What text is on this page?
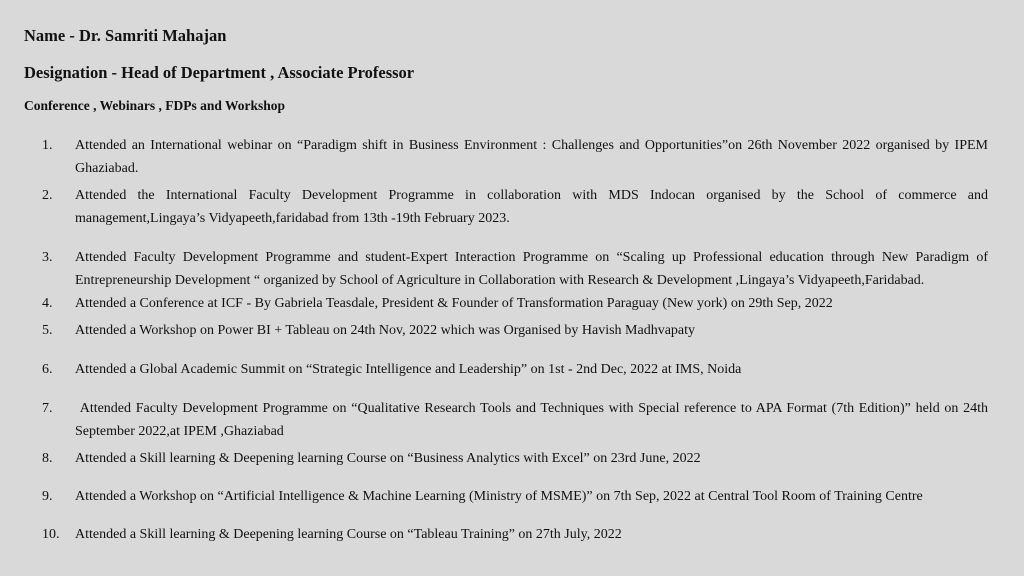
Name - Dr. Samriti Mahajan
Designation - Head of Department , Associate Professor
Conference , Webinars , FDPs and Workshop
1.	Attended an International webinar on “Paradigm shift in Business Environment : Challenges and Opportunities”on 26th November 2022 organised by IPEM Ghaziabad.
2.	Attended the International Faculty Development Programme in collaboration with MDS Indocan organised by the School of commerce and management,Lingaya’s Vidyapeeth,faridabad from 13th -19th February 2023.
3.	Attended Faculty Development Programme and student-Expert Interaction Programme on “Scaling up Professional education through New Paradigm of Entrepreneurship Development “ organized by School of Agriculture in Collaboration with Research & Development ,Lingaya’s Vidyapeeth,Faridabad.
4.	Attended a Conference at ICF - By Gabriela Teasdale, President & Founder of Transformation Paraguay (New york) on 29th Sep, 2022
5.	Attended a Workshop on Power BI + Tableau on 24th Nov, 2022 which was Organised by Havish Madhvapaty
6.	Attended a Global Academic Summit on “Strategic Intelligence and Leadership” on 1st - 2nd Dec, 2022 at IMS, Noida
7.	Attended Faculty Development Programme on “Qualitative Research Tools and Techniques with Special reference to APA Format (7th Edition)” held on 24th September 2022,at IPEM ,Ghaziabad
8.	Attended a Skill learning & Deepening learning Course on “Business Analytics with Excel” on 23rd June, 2022
9.	Attended a Workshop on “Artificial Intelligence & Machine Learning (Ministry of MSME)” on 7th Sep, 2022 at Central Tool Room of Training Centre
10.	Attended a Skill learning & Deepening learning Course on “Tableau Training” on 27th July, 2022
